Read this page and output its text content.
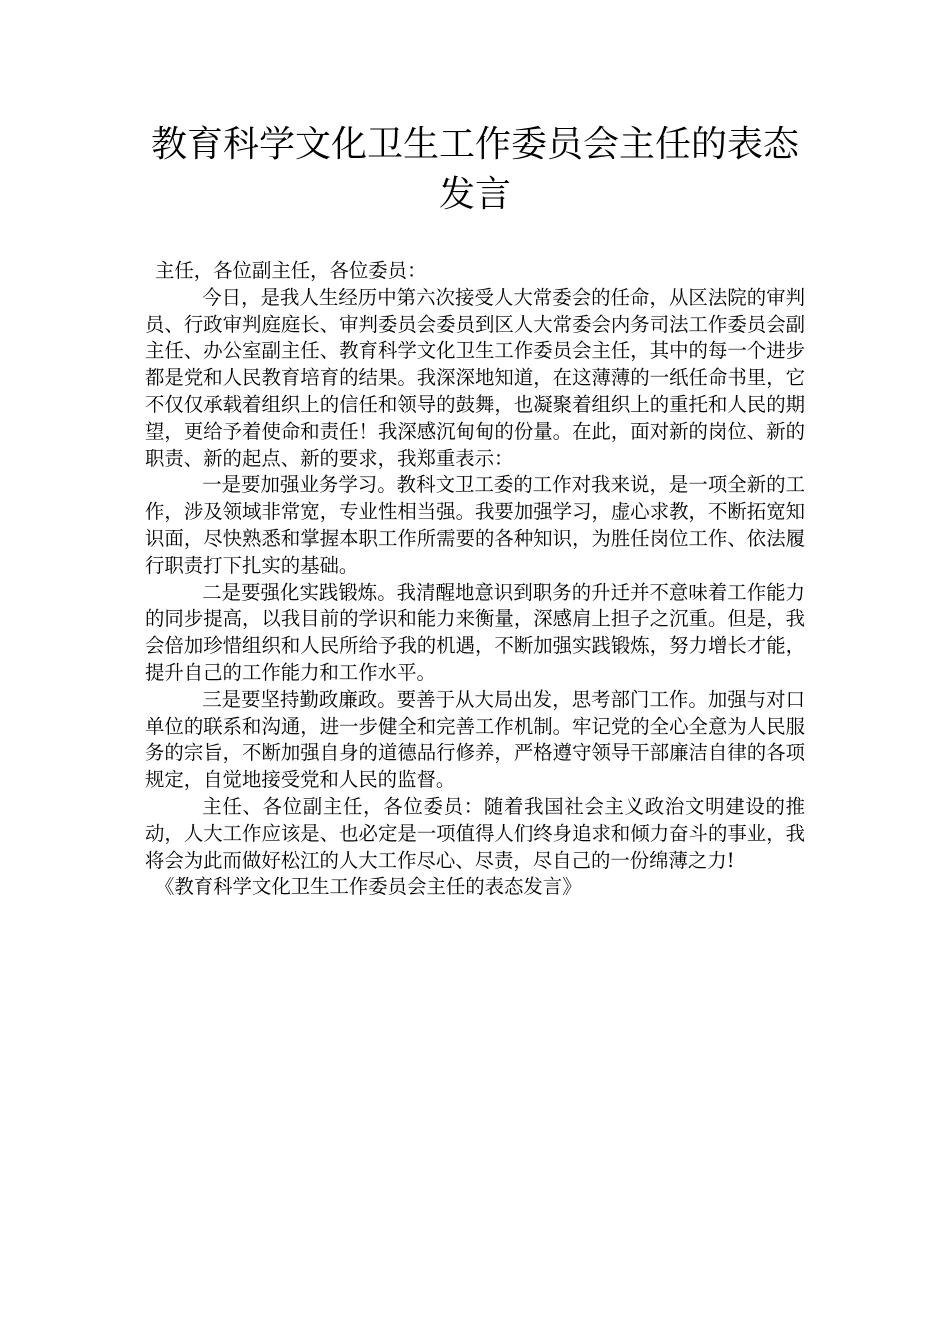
教育科学文化卫生工作委员会主任的表态发言

主任，各位副主任，各位委员：

今日，是我人生经历中第六次接受人大常委会的任命，从区法院的审判员、行政审判庭庭长、审判委员会委员到区人大常委会内务司法工作委员会副主任、办公室副主任、教育科学文化卫生工作委员会主任，其中的每一个进步都是党和人民教育培育的结果。我深深地知道，在这薄薄的一纸任命书里，它不仅仅承载着组织上的信任和领导的鼓舞，也凝聚着组织上的重托和人民的期望，更给予着使命和责任！我深感沉甸甸的份量。在此，面对新的岗位、新的职责、新的起点、新的要求，我郑重表示：

一是要加强业务学习。教科文卫工委的工作对我来说，是一项全新的工作，涉及领域非常宽，专业性相当强。我要加强学习，虚心求教，不断拓宽知识面，尽快熟悉和掌握本职工作所需要的各种知识，为胜任岗位工作、依法履行职责打下扎实的基础。

二是要强化实践锻炼。我清醒地意识到职务的升迁并不意味着工作能力的同步提高，以我目前的学识和能力来衡量，深感肩上担子之沉重。但是，我会倍加珍惜组织和人民所给予我的机遇，不断加强实践锻炼，努力增长才能，提升自己的工作能力和工作水平。

三是要坚持勤政廉政。要善于从大局出发，思考部门工作。加强与对口单位的联系和沟通，进一步健全和完善工作机制。牢记党的全心全意为人民服务的宗旨，不断加强自身的道德品行修养，严格遵守领导干部廉洁自律的各项规定，自觉地接受党和人民的监督。

主任、各位副主任，各位委员：随着我国社会主义政治文明建设的推动，人大工作应该是、也必定是一项值得人们终身追求和倾力奋斗的事业，我将会为此而做好松江的人大工作尽心、尽责，尽自己的一份绵薄之力!

《教育科学文化卫生工作委员会主任的表态发言》
